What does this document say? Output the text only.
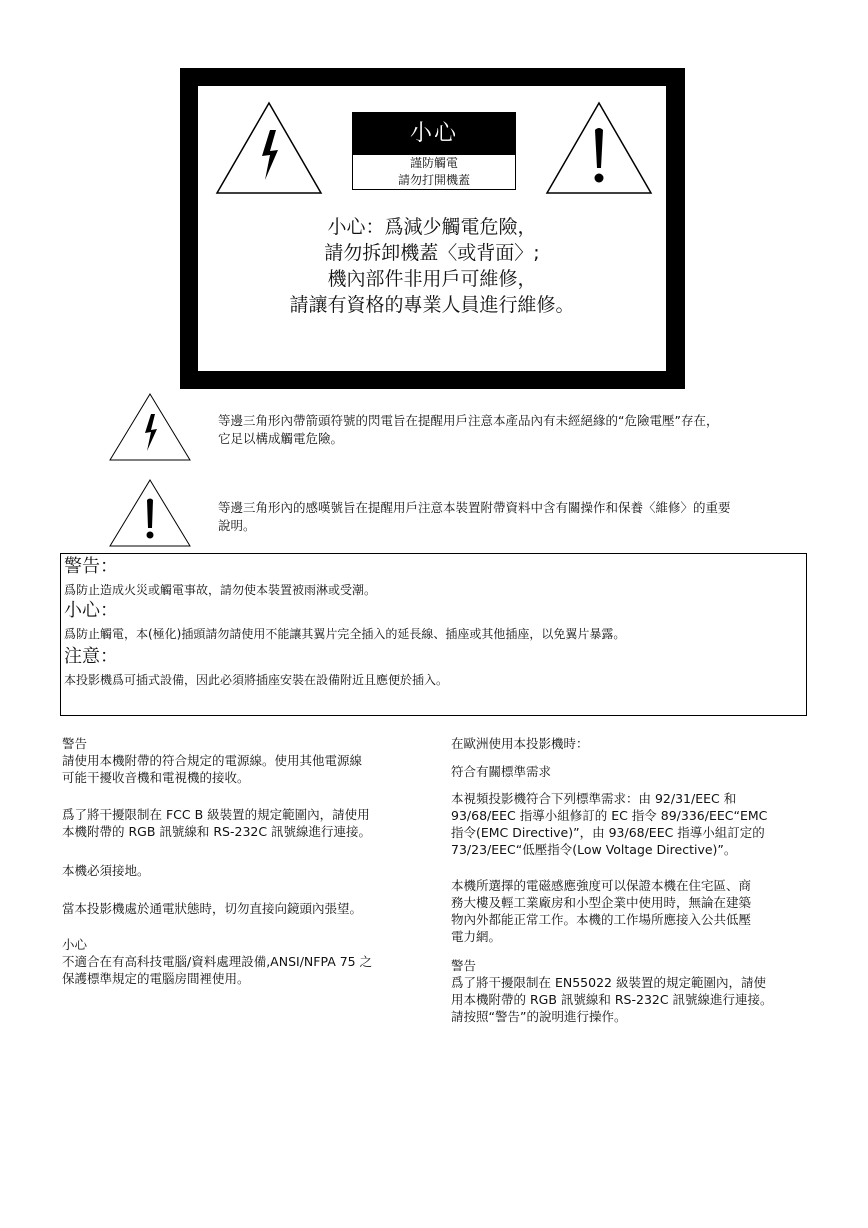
小心
謹防觸電
請勿打開機蓋
小心：爲減少觸電危險，
請勿拆卸機蓋〈或背面〉;
機內部件非用戶可維修，
請讓有資格的專業人員進行維修。
等邊三角形內帶箭頭符號的閃電旨在提醒用戶注意本產品內有未經絕緣的“危險電壓”存在，
它足以構成觸電危險。
等邊三角形內的感嘆號旨在提醒用戶注意本裝置附帶資料中含有關操作和保養〈維修〉的重要
說明。
警告：
爲防止造成火災或觸電事故，請勿使本裝置被雨淋或受潮。
小心：
爲防止觸電，本(極化)插頭請勿請使用不能讓其翼片完全插入的延長線、插座或其他插座，以免翼片暴露。
注意：
本投影機爲可插式設備，因此必須將插座安裝在設備附近且應便於插入。

警告

請使用本機附帶的符合規定的電源線。使用其他電源線

可能干擾收音機和電視機的接收。

爲了將干擾限制在 FCC B 級裝置的規定範圍內，請使用

本機附帶的 RGB 訊號線和 RS-232C 訊號線進行連接。

本機必須接地。

當本投影機處於通電狀態時，切勿直接向鏡頭內張望。

小心

不適合在有高科技電腦/資料處理設備,ANSI/NFPA 75 之

保護標準規定的電腦房間裡使用。

在歐洲使用本投影機時：

符合有關標準需求

本視頻投影機符合下列標準需求：由 92/31/EEC 和

93/68/EEC 指導小組修訂的 EC 指令 89/336/EEC“EMC

指令(EMC Directive)”，由 93/68/EEC 指導小組訂定的

73/23/EEC“低壓指令(Low Voltage Directive)”。

本機所選擇的電磁感應強度可以保證本機在住宅區、商

務大樓及輕工業廠房和小型企業中使用時，無論在建築

物內外都能正常工作。本機的工作場所應接入公共低壓

電力網。

警告

爲了將干擾限制在 EN55022 級裝置的規定範圍內，請使

用本機附帶的 RGB 訊號線和 RS-232C 訊號線進行連接。

請按照“警告”的說明進行操作。
